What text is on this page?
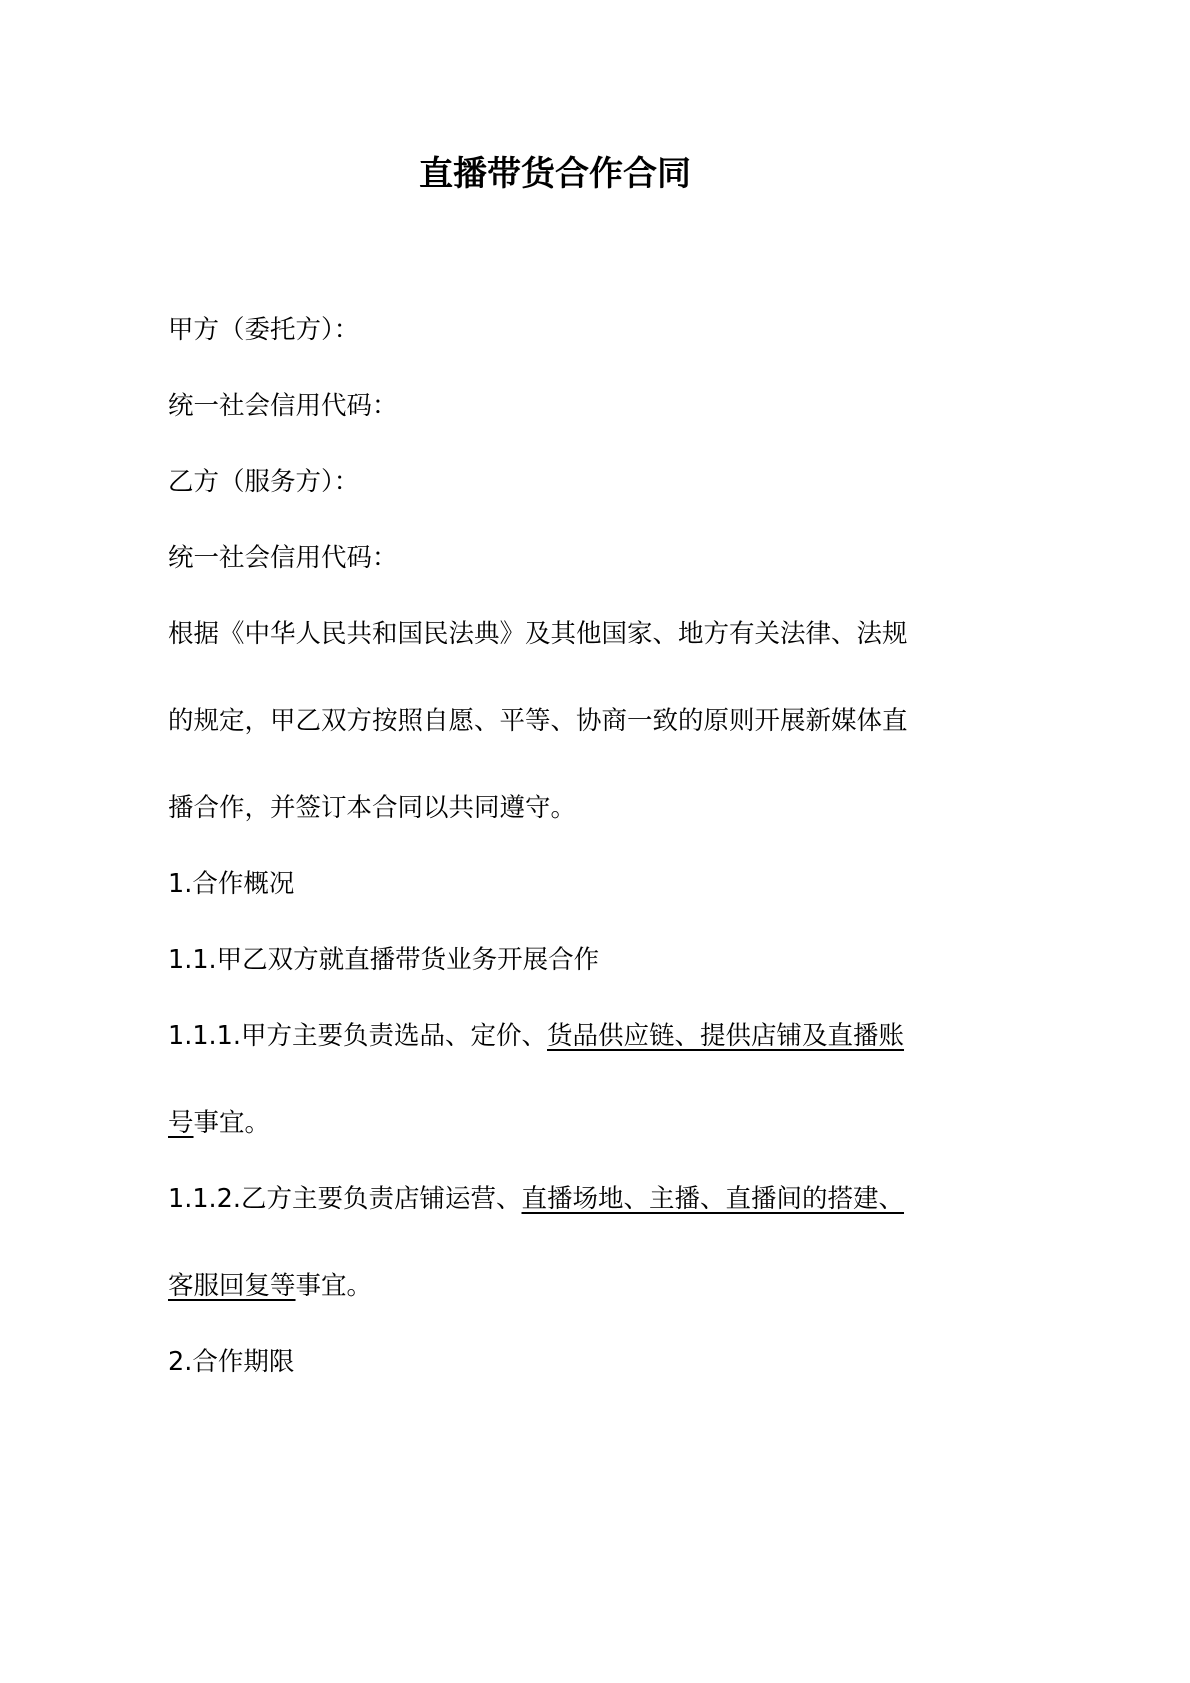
直播带货合作合同
甲方（委托方）：
统一社会信用代码：
乙方（服务方）：
统一社会信用代码：
根据《中华人民共和国民法典》及其他国家、地方有关法律、法规
的规定，甲乙双方按照自愿、平等、协商一致的原则开展新媒体直
播合作，并签订本合同以共同遵守。
1.合作概况
1.1.甲乙双方就直播带货业务开展合作
1.1.1.甲方主要负责选品、定价、货品供应链、提供店铺及直播账
号事宜。
1.1.2.乙方主要负责店铺运营、直播场地、主播、直播间的搭建、
客服回复等事宜。
2.合作期限
